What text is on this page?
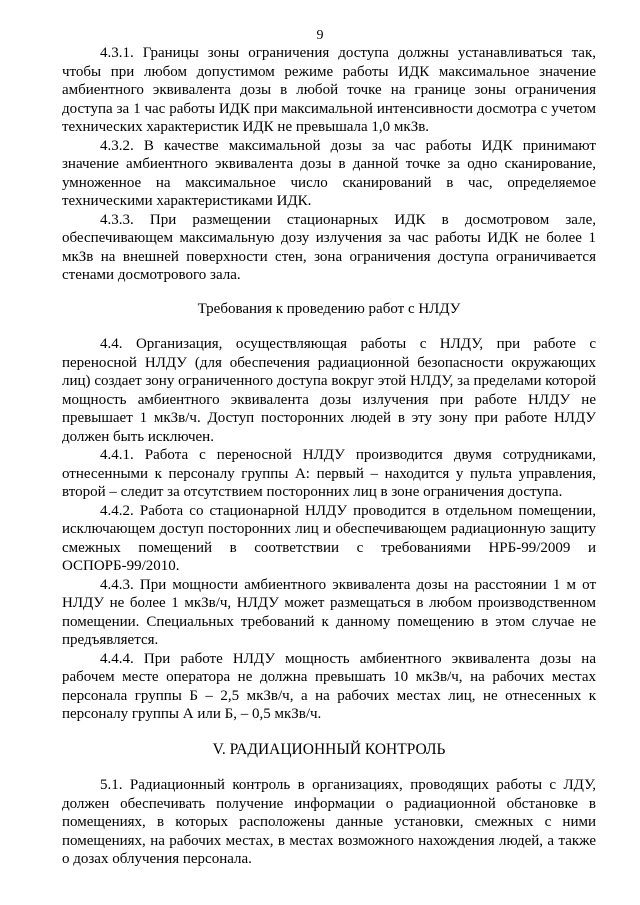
9

4.3.1. Границы зоны ограничения доступа должны устанавливаться так, чтобы при любом допустимом режиме работы ИДК максимальное значение амбиентного эквивалента дозы в любой точке на границе зоны ограничения доступа за 1 час работы ИДК при максимальной интенсивности досмотра с учетом технических характеристик ИДК не превышала 1,0 мкЗв.

4.3.2. В качестве максимальной дозы за час работы ИДК принимают значение амбиентного эквивалента дозы в данной точке за одно сканирование, умноженное на максимальное число сканирований в час, определяемое техническими характеристиками ИДК.

4.3.3. При размещении стационарных ИДК в досмотровом зале, обеспечивающем максимальную дозу излучения за час работы ИДК не более 1 мкЗв на внешней поверхности стен, зона ограничения доступа ограничивается стенами досмотрового зала.

Требования к проведению работ с НЛДУ

4.4. Организация, осуществляющая работы с НЛДУ, при работе с переносной НЛДУ (для обеспечения радиационной безопасности окружающих лиц) создает зону ограниченного доступа вокруг этой НЛДУ, за пределами которой мощность амбиентного эквивалента дозы излучения при работе НЛДУ не превышает 1 мкЗв/ч. Доступ посторонних людей в эту зону при работе НЛДУ должен быть исключен.

4.4.1. Работа с переносной НЛДУ производится двумя сотрудниками, отнесенными к персоналу группы А: первый – находится у пульта управления, второй – следит за отсутствием посторонних лиц в зоне ограничения доступа.

4.4.2. Работа со стационарной НЛДУ проводится в отдельном помещении, исключающем доступ посторонних лиц и обеспечивающем радиационную защиту смежных помещений в соответствии с требованиями НРБ-99/2009 и ОСПОРБ-99/2010.

4.4.3. При мощности амбиентного эквивалента дозы на расстоянии 1 м от НЛДУ не более 1 мкЗв/ч, НЛДУ может размещаться в любом производственном помещении. Специальных требований к данному помещению в этом случае не предъявляется.

4.4.4. При работе НЛДУ мощность амбиентного эквивалента дозы на рабочем месте оператора не должна превышать 10 мкЗв/ч, на рабочих местах персонала группы Б – 2,5 мкЗв/ч, а на рабочих местах лиц, не отнесенных к персоналу группы А или Б, – 0,5 мкЗв/ч.

V. РАДИАЦИОННЫЙ КОНТРОЛЬ

5.1. Радиационный контроль в организациях, проводящих работы с ЛДУ, должен обеспечивать получение информации о радиационной обстановке в помещениях, в которых расположены данные установки, смежных с ними помещениях, на рабочих местах, в местах возможного нахождения людей, а также о дозах облучения персонала.
